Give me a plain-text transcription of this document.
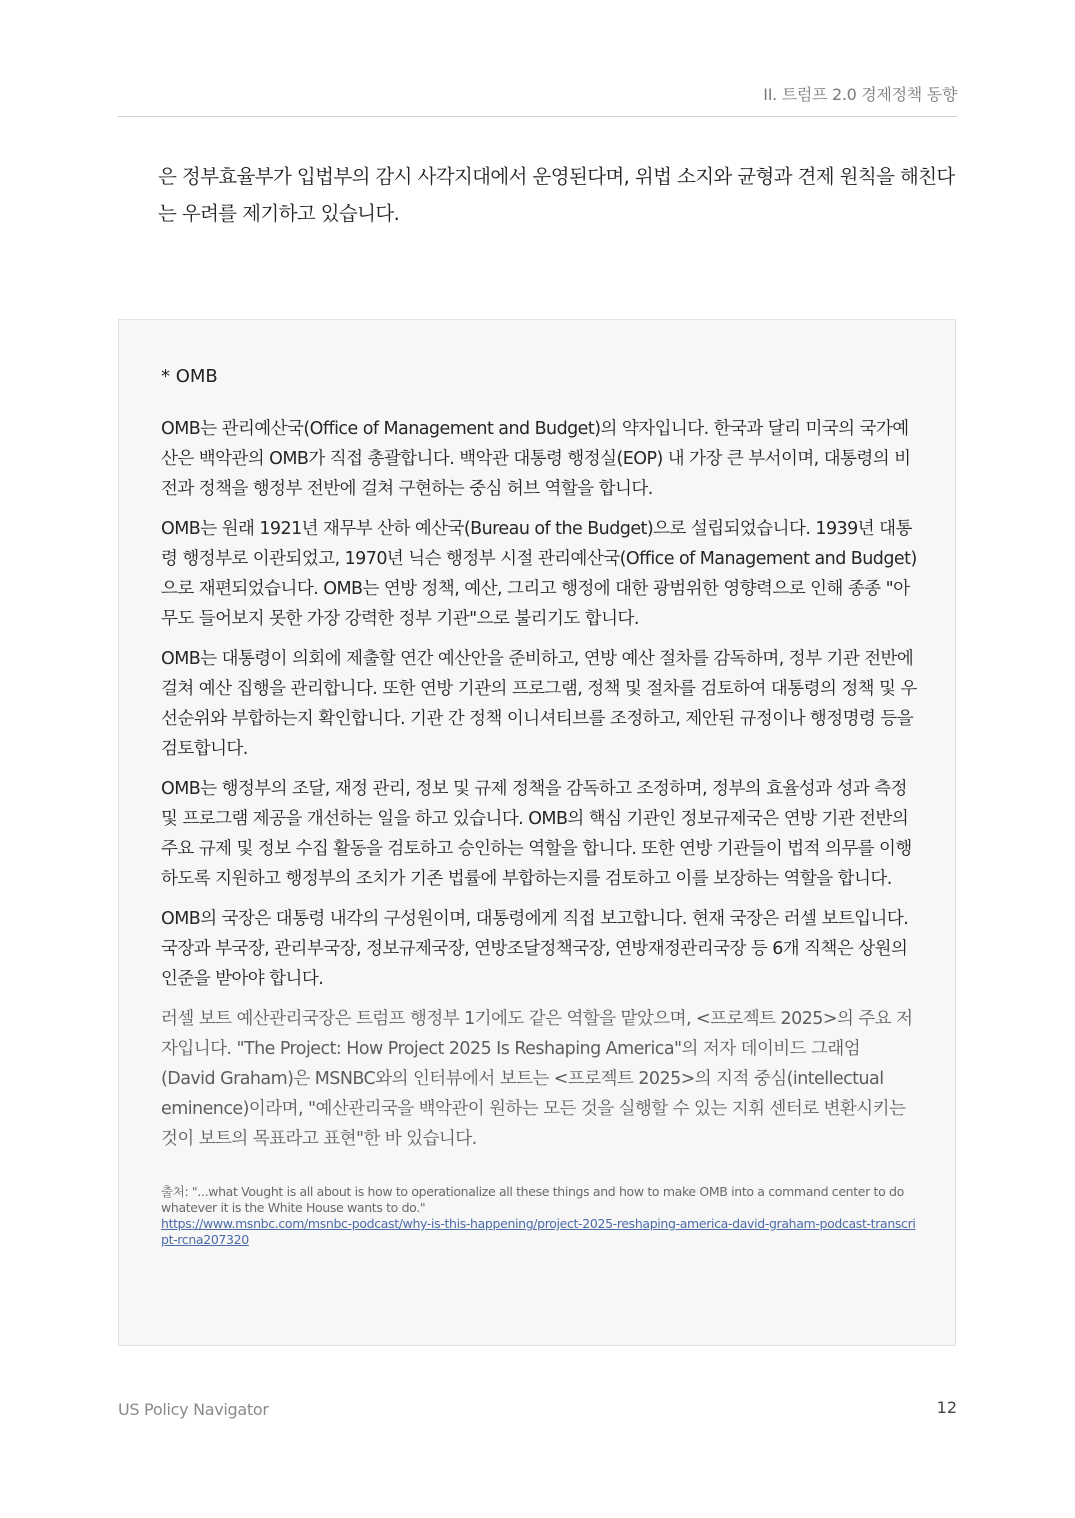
II. 트럼프 2.0 경제정책 동향

은 정부효율부가 입법부의 감시 사각지대에서 운영된다며, 위법 소지와 균형과 견제 원칙을 해친다는 우려를 제기하고 있습니다.

* OMB

OMB는 관리예산국(Office of Management and Budget)의 약자입니다. 한국과 달리 미국의 국가예산은 백악관의 OMB가 직접 총괄합니다. 백악관 대통령 행정실(EOP) 내 가장 큰 부서이며, 대통령의 비전과 정책을 행정부 전반에 걸쳐 구현하는 중심 허브 역할을 합니다.

OMB는 원래 1921년 재무부 산하 예산국(Bureau of the Budget)으로 설립되었습니다. 1939년 대통령 행정부로 이관되었고, 1970년 닉슨 행정부 시절 관리예산국(Office of Management and Budget)으로 재편되었습니다. OMB는 연방 정책, 예산, 그리고 행정에 대한 광범위한 영향력으로 인해 종종 "아무도 들어보지 못한 가장 강력한 정부 기관"으로 불리기도 합니다.

OMB는 대통령이 의회에 제출할 연간 예산안을 준비하고, 연방 예산 절차를 감독하며, 정부 기관 전반에 걸쳐 예산 집행을 관리합니다. 또한 연방 기관의 프로그램, 정책 및 절차를 검토하여 대통령의 정책 및 우선순위와 부합하는지 확인합니다. 기관 간 정책 이니셔티브를 조정하고, 제안된 규정이나 행정명령 등을 검토합니다.

OMB는 행정부의 조달, 재정 관리, 정보 및 규제 정책을 감독하고 조정하며, 정부의 효율성과 성과 측정 및 프로그램 제공을 개선하는 일을 하고 있습니다. OMB의 핵심 기관인 정보규제국은 연방 기관 전반의 주요 규제 및 정보 수집 활동을 검토하고 승인하는 역할을 합니다. 또한 연방 기관들이 법적 의무를 이행하도록 지원하고 행정부의 조치가 기존 법률에 부합하는지를 검토하고 이를 보장하는 역할을 합니다.

OMB의 국장은 대통령 내각의 구성원이며, 대통령에게 직접 보고합니다. 현재 국장은 러셀 보트입니다. 국장과 부국장, 관리부국장, 정보규제국장, 연방조달정책국장, 연방재정관리국장 등 6개 직책은 상원의 인준을 받아야 합니다.

러셀 보트 예산관리국장은 트럼프 행정부 1기에도 같은 역할을 맡았으며, <프로젝트 2025>의 주요 저자입니다. "The Project: How Project 2025 Is Reshaping America"의 저자 데이비드 그래엄 (David Graham)은 MSNBC와의 인터뷰에서 보트는 <프로젝트 2025>의 지적 중심(intellectual eminence)이라며, "예산관리국을 백악관이 원하는 모든 것을 실행할 수 있는 지휘 센터로 변환시키는 것이 보트의 목표라고 표현"한 바 있습니다.

출처: "...what Vought is all about is how to operationalize all these things and how to make OMB into a command center to do whatever it is the White House wants to do."
https://www.msnbc.com/msnbc-podcast/why-is-this-happening/project-2025-reshaping-america-david-graham-podcast-transcript-rcna207320
US Policy Navigator	12
